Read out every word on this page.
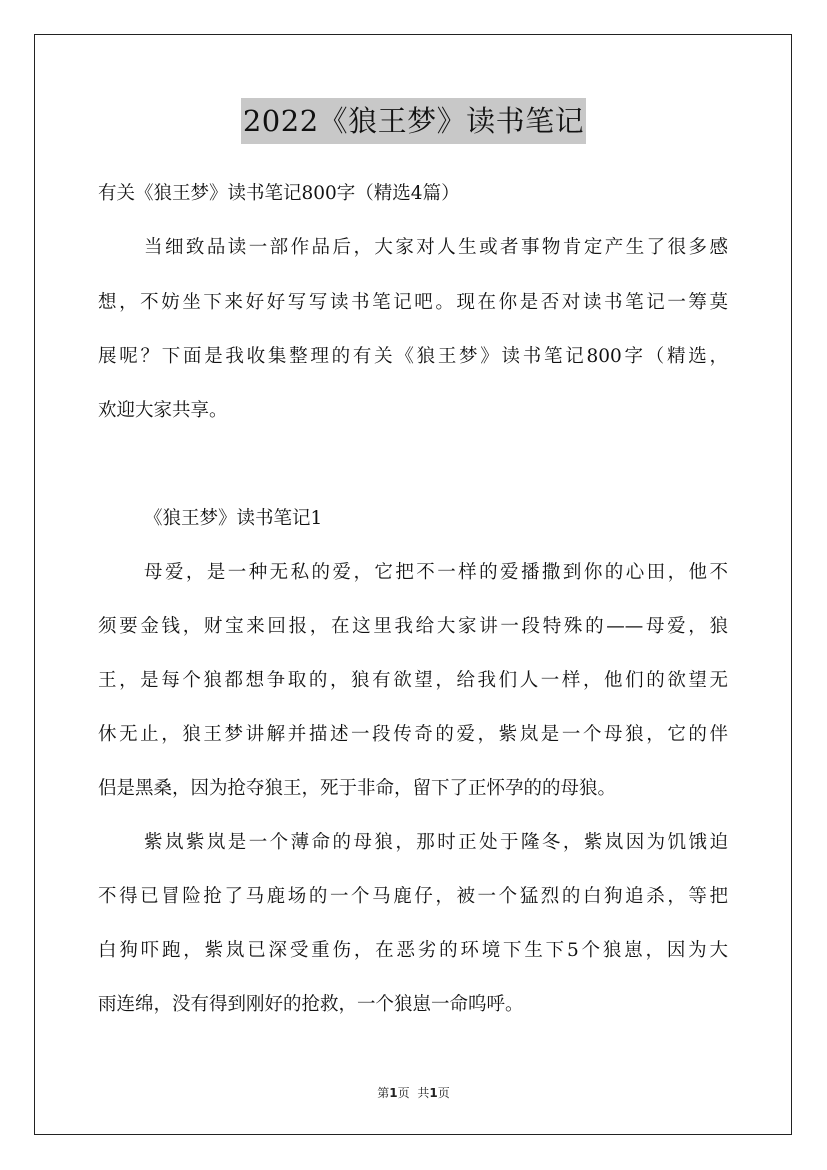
2022《狼王梦》读书笔记
有关《狼王梦》读书笔记800字（精选4篇）
当细致品读一部作品后，大家对人生或者事物肯定产生了很多感
想，不妨坐下来好好写写读书笔记吧。现在你是否对读书笔记一筹莫
展呢？下面是我收集整理的有关《狼王梦》读书笔记800字（精选，
欢迎大家共享。
《狼王梦》读书笔记1
母爱，是一种无私的爱，它把不一样的爱播撒到你的心田，他不
须要金钱，财宝来回报，在这里我给大家讲一段特殊的——母爱，狼
王，是每个狼都想争取的，狼有欲望，给我们人一样，他们的欲望无
休无止，狼王梦讲解并描述一段传奇的爱，紫岚是一个母狼，它的伴
侣是黑桑，因为抢夺狼王，死于非命，留下了正怀孕的的母狼。
紫岚紫岚是一个薄命的母狼，那时正处于隆冬，紫岚因为饥饿迫
不得已冒险抢了马鹿场的一个马鹿仔，被一个猛烈的白狗追杀，等把
白狗吓跑，紫岚已深受重伤，在恶劣的环境下生下5个狼崽，因为大
雨连绵，没有得到刚好的抢救，一个狼崽一命呜呼。
第1页 共1页
